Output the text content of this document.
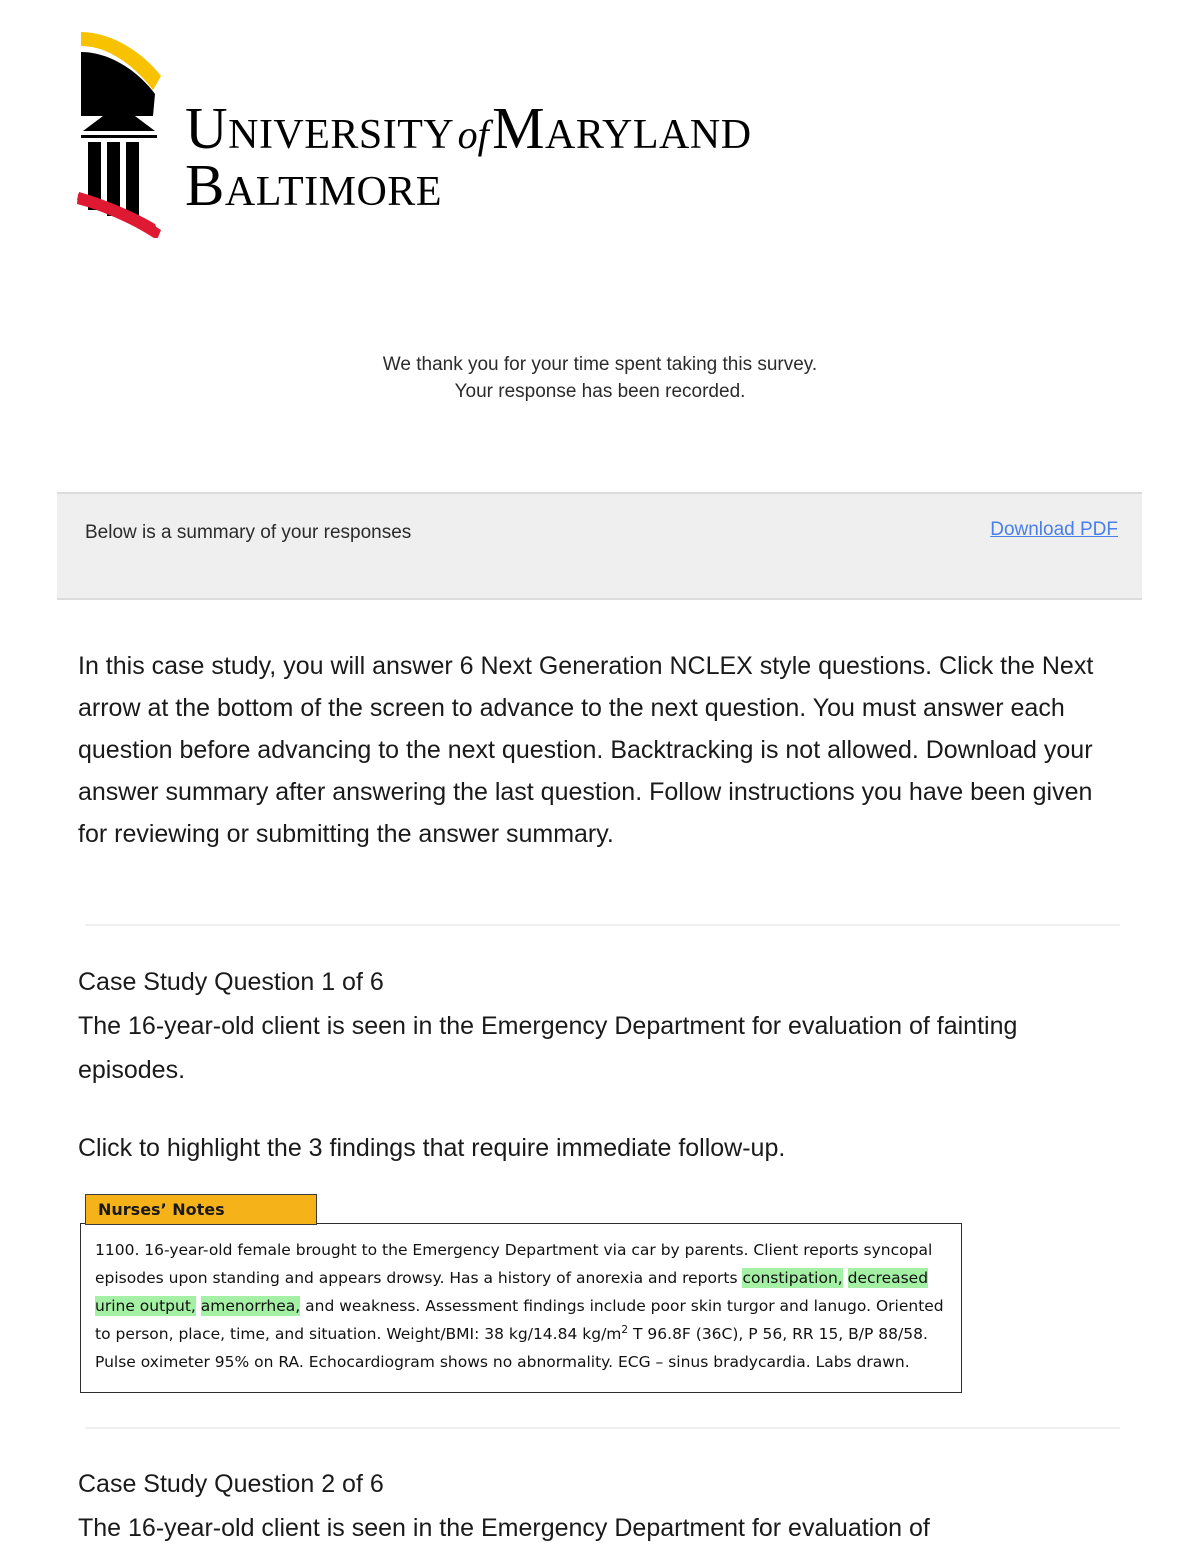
UNIVERSITY of MARYLAND
BALTIMORE
We thank you for your time spent taking this survey.
Your response has been recorded.
Below is a summary of your responses	Download PDF
In this case study, you will answer 6 Next Generation NCLEX style questions. Click the Next arrow at the bottom of the screen to advance to the next question. You must answer each question before advancing to the next question. Backtracking is not allowed. Download your answer summary after answering the last question. Follow instructions you have been given for reviewing or submitting the answer summary.
Case Study Question 1 of 6
The 16-year-old client is seen in the Emergency Department for evaluation of fainting episodes.
Click to highlight the 3 findings that require immediate follow-up.
Nurses’ Notes
1100. 16-year-old female brought to the Emergency Department via car by parents. Client reports syncopal episodes upon standing and appears drowsy. Has a history of anorexia and reports constipation, decreased urine output, amenorrhea, and weakness. Assessment findings include poor skin turgor and lanugo. Oriented to person, place, time, and situation. Weight/BMI: 38 kg/14.84 $kg/m^2$ T 96.8F (36C), P 56, RR 15, B/P 88/58. Pulse oximeter 95% on RA. Echocardiogram shows no abnormality. ECG – sinus bradycardia. Labs drawn.
Case Study Question 2 of 6
The 16-year-old client is seen in the Emergency Department for evaluation of
